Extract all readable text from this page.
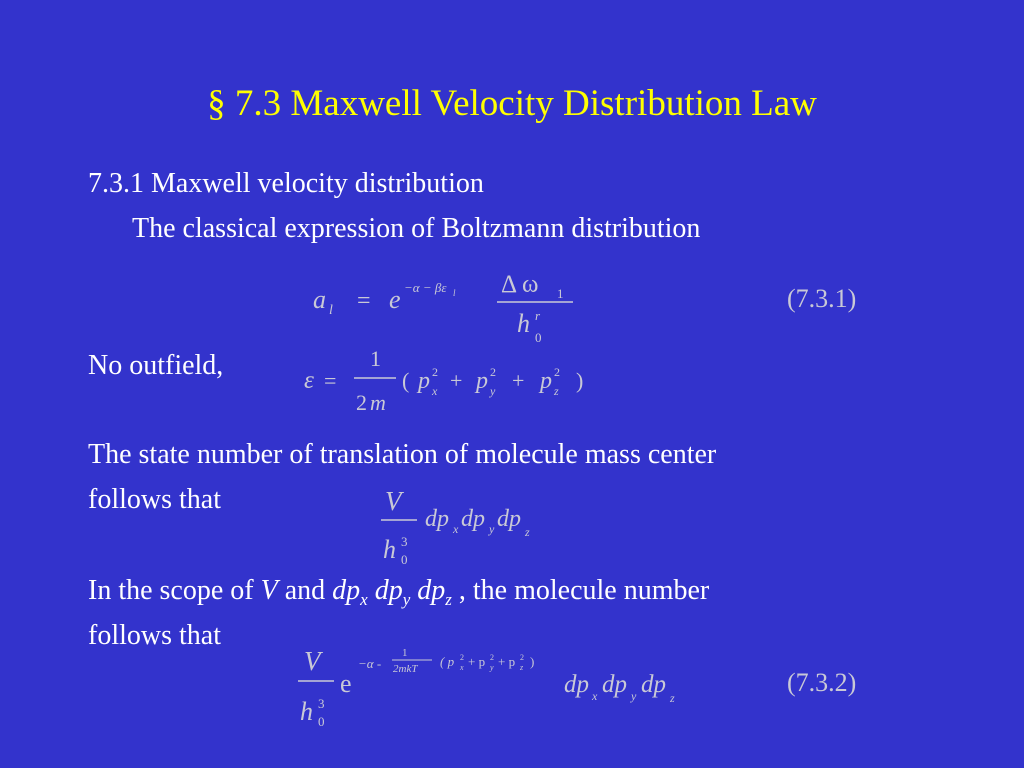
§ 7.3 Maxwell Velocity Distribution Law
7.3.1 Maxwell velocity distribution
The classical expression of Boltzmann distribution
a l = e −α − βε l Δ ω 1
h r
0
(7.3.1)
No outfield,	ε =
1
2 m
( p 2
x + p 2
y + p 2
z )
The state number of translation of molecule mass center
follows that	V
h 3
0
dp x dp y dp z
In the scope of V and $dp_x$ $dp_y$ $dp_z$ , the molecule number
follows that
V
h 3
0
e
−α -
1
2mkT ( p 2
x + p 2
y + p 2
z )
dp x dp y dp z
(7.3.2)
